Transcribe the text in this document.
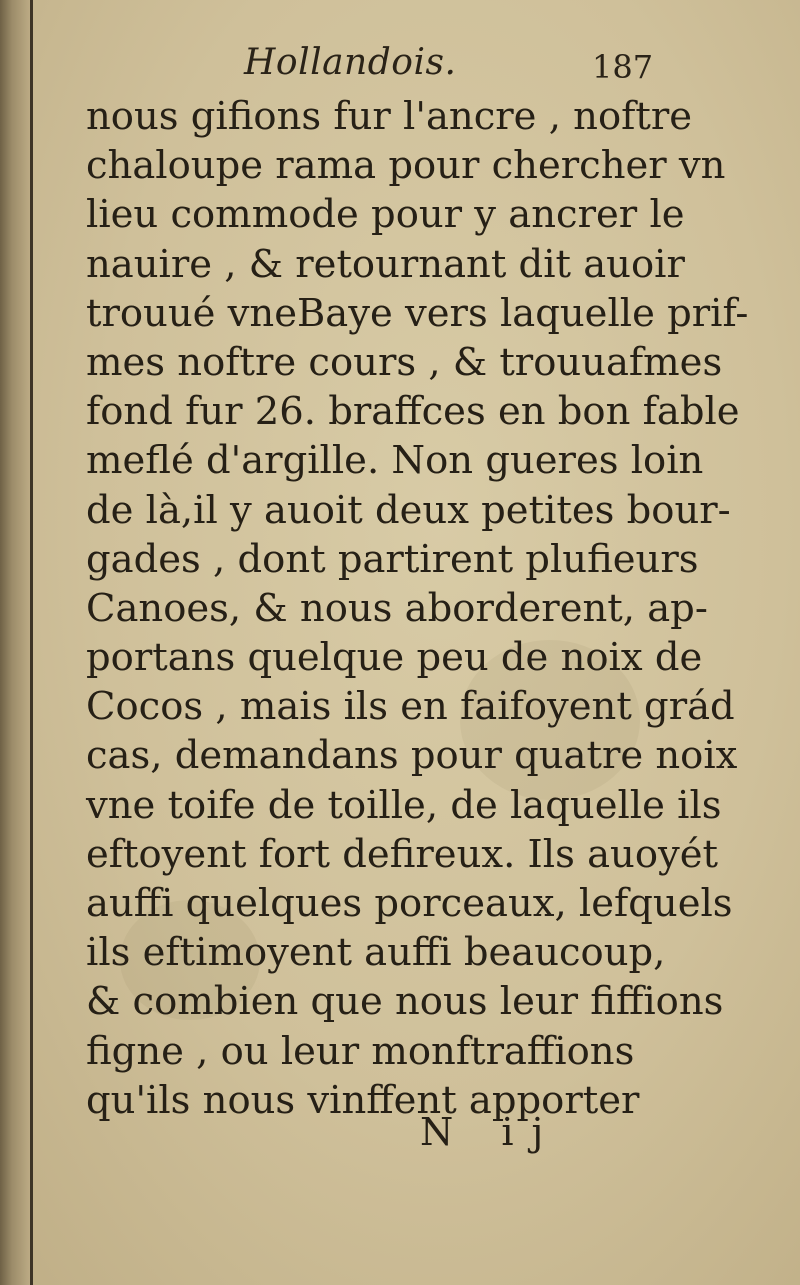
Hollandois.	187
nous gifions fur l'ancre , noftre
chaloupe rama pour chercher vn
lieu commode pour y ancrer le
nauire , & retournant dit auoir
trouué vneBaye vers laquelle prif-
mes noftre cours , & trouuafmes
fond fur 26. braffces en bon fable
meflé d'argille. Non gueres loin
de là,il y auoit deux petites bour-
gades , dont partirent plufieurs
Canoes, & nous aborderent, ap-
portans quelque peu de noix de
Cocos , mais ils en faifoyent grád
cas, demandans pour quatre noix
vne toife de toille, de laquelle ils
eftoyent fort defireux. Ils auoyét
auffi quelques porceaux, lefquels
ils eftimoyent auffi beaucoup,
& combien que nous leur fiffions
figne , ou leur monftraffions
qu'ils nous vinffent apporter
N ij
